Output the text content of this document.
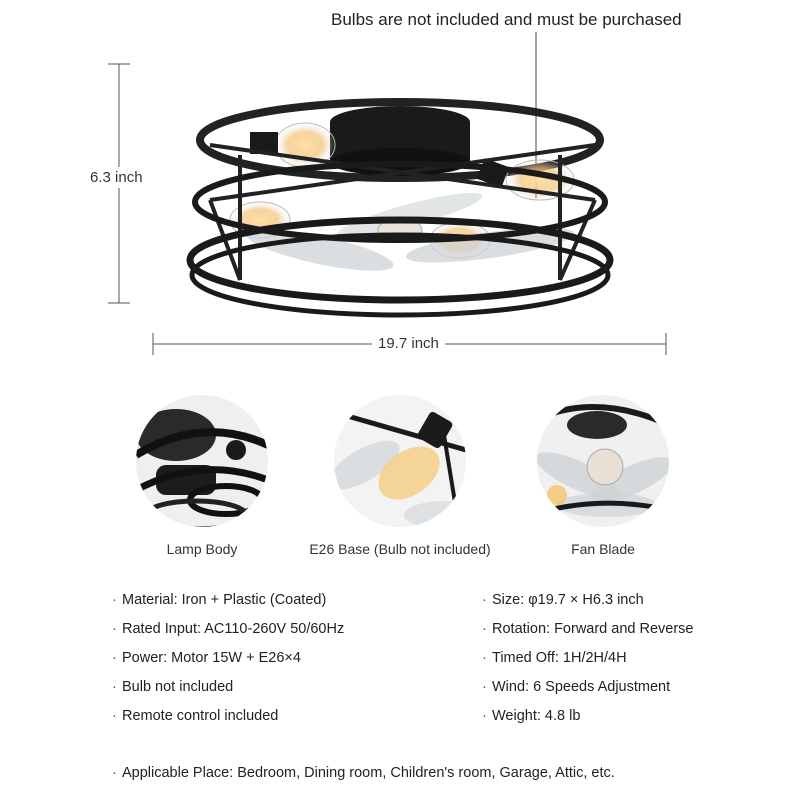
Bulbs are not included and must be purchased
6.3 inch
19.7 inch
Lamp Body	E26 Base (Bulb not included)	Fan Blade
· Material: Iron + Plastic (Coated)
· Rated Input: AC110-260V 50/60Hz
· Power: Motor 15W + E26×4
· Bulb not included
· Remote control included
· Size: φ19.7 × H6.3 inch
· Rotation: Forward and Reverse
· Timed Off: 1H/2H/4H
· Wind: 6 Speeds Adjustment
· Weight: 4.8 lb
· Applicable Place: Bedroom, Dining room, Children's room, Garage, Attic, etc.
